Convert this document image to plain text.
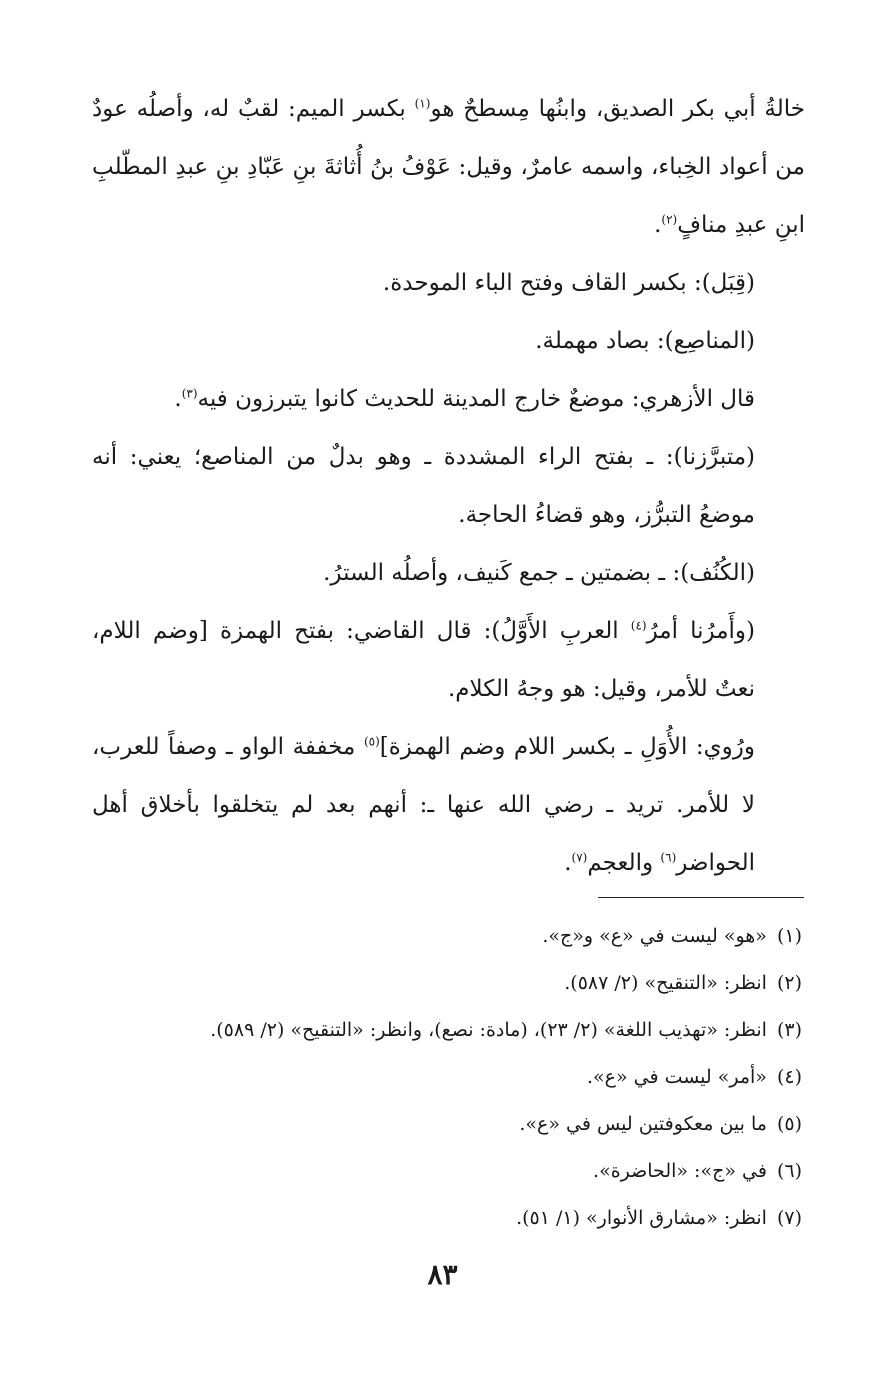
خالةُ أبي بكر الصديق، وابنُها مِسطحٌ هو$^{(١)}$ بكسر الميم: لقبٌ له، وأصلُه عودٌ من أعواد الخِباء، واسمه عامرٌ، وقيل: عَوْفُ بنُ أُثاثةَ بنِ عَبّادِ بنِ عبدِ المطّلبِ ابنِ عبدِ منافٍ$^{(٢)}$.

(قِبَل): بكسر القاف وفتح الباء الموحدة.

(المناصِع): بصاد مهملة.

قال الأزهري: موضعٌ خارج المدينة للحديث كانوا يتبرزون فيه$^{(٣)}$.

(متبرَّزنا): ـ بفتح الراء المشددة ـ وهو بدلٌ من المناصع؛ يعني: أنه موضعُ التبرُّز، وهو قضاءُ الحاجة.

(الكُنُف): ـ بضمتين ـ جمع كَنيف، وأصلُه السترُ.

(وأَمرُنا أمرُ$^{(٤)}$ العربِ الأَوَّلُ): قال القاضي: بفتح الهمزة [وضم اللام، نعتٌ للأمر، وقيل: هو وجهُ الكلام.

ورُوي: الأُوَلِ ـ بكسر اللام وضم الهمزة]$^{(٥)}$ مخففة الواو ـ وصفاً للعرب، لا للأمر. تريد ـ رضي الله عنها ـ: أنهم بعد لم يتخلقوا بأخلاق أهل الحواضر$^{(٦)}$ والعجم$^{(٧)}$.

(١)«هو» ليست في «ع» و«ج».

(٢)انظر: «التنقيح» (٢/ ٥٨٧).

(٣)انظر: «تهذيب اللغة» (٢/ ٢٣)، (مادة: نصع)، وانظر: «التنقيح» (٢/ ٥٨٩).

(٤)«أمر» ليست في «ع».

(٥)ما بين معكوفتين ليس في «ع».

(٦)في «ج»: «الحاضرة».

(٧)انظر: «مشارق الأنوار» (١/ ٥١).

٨٣
